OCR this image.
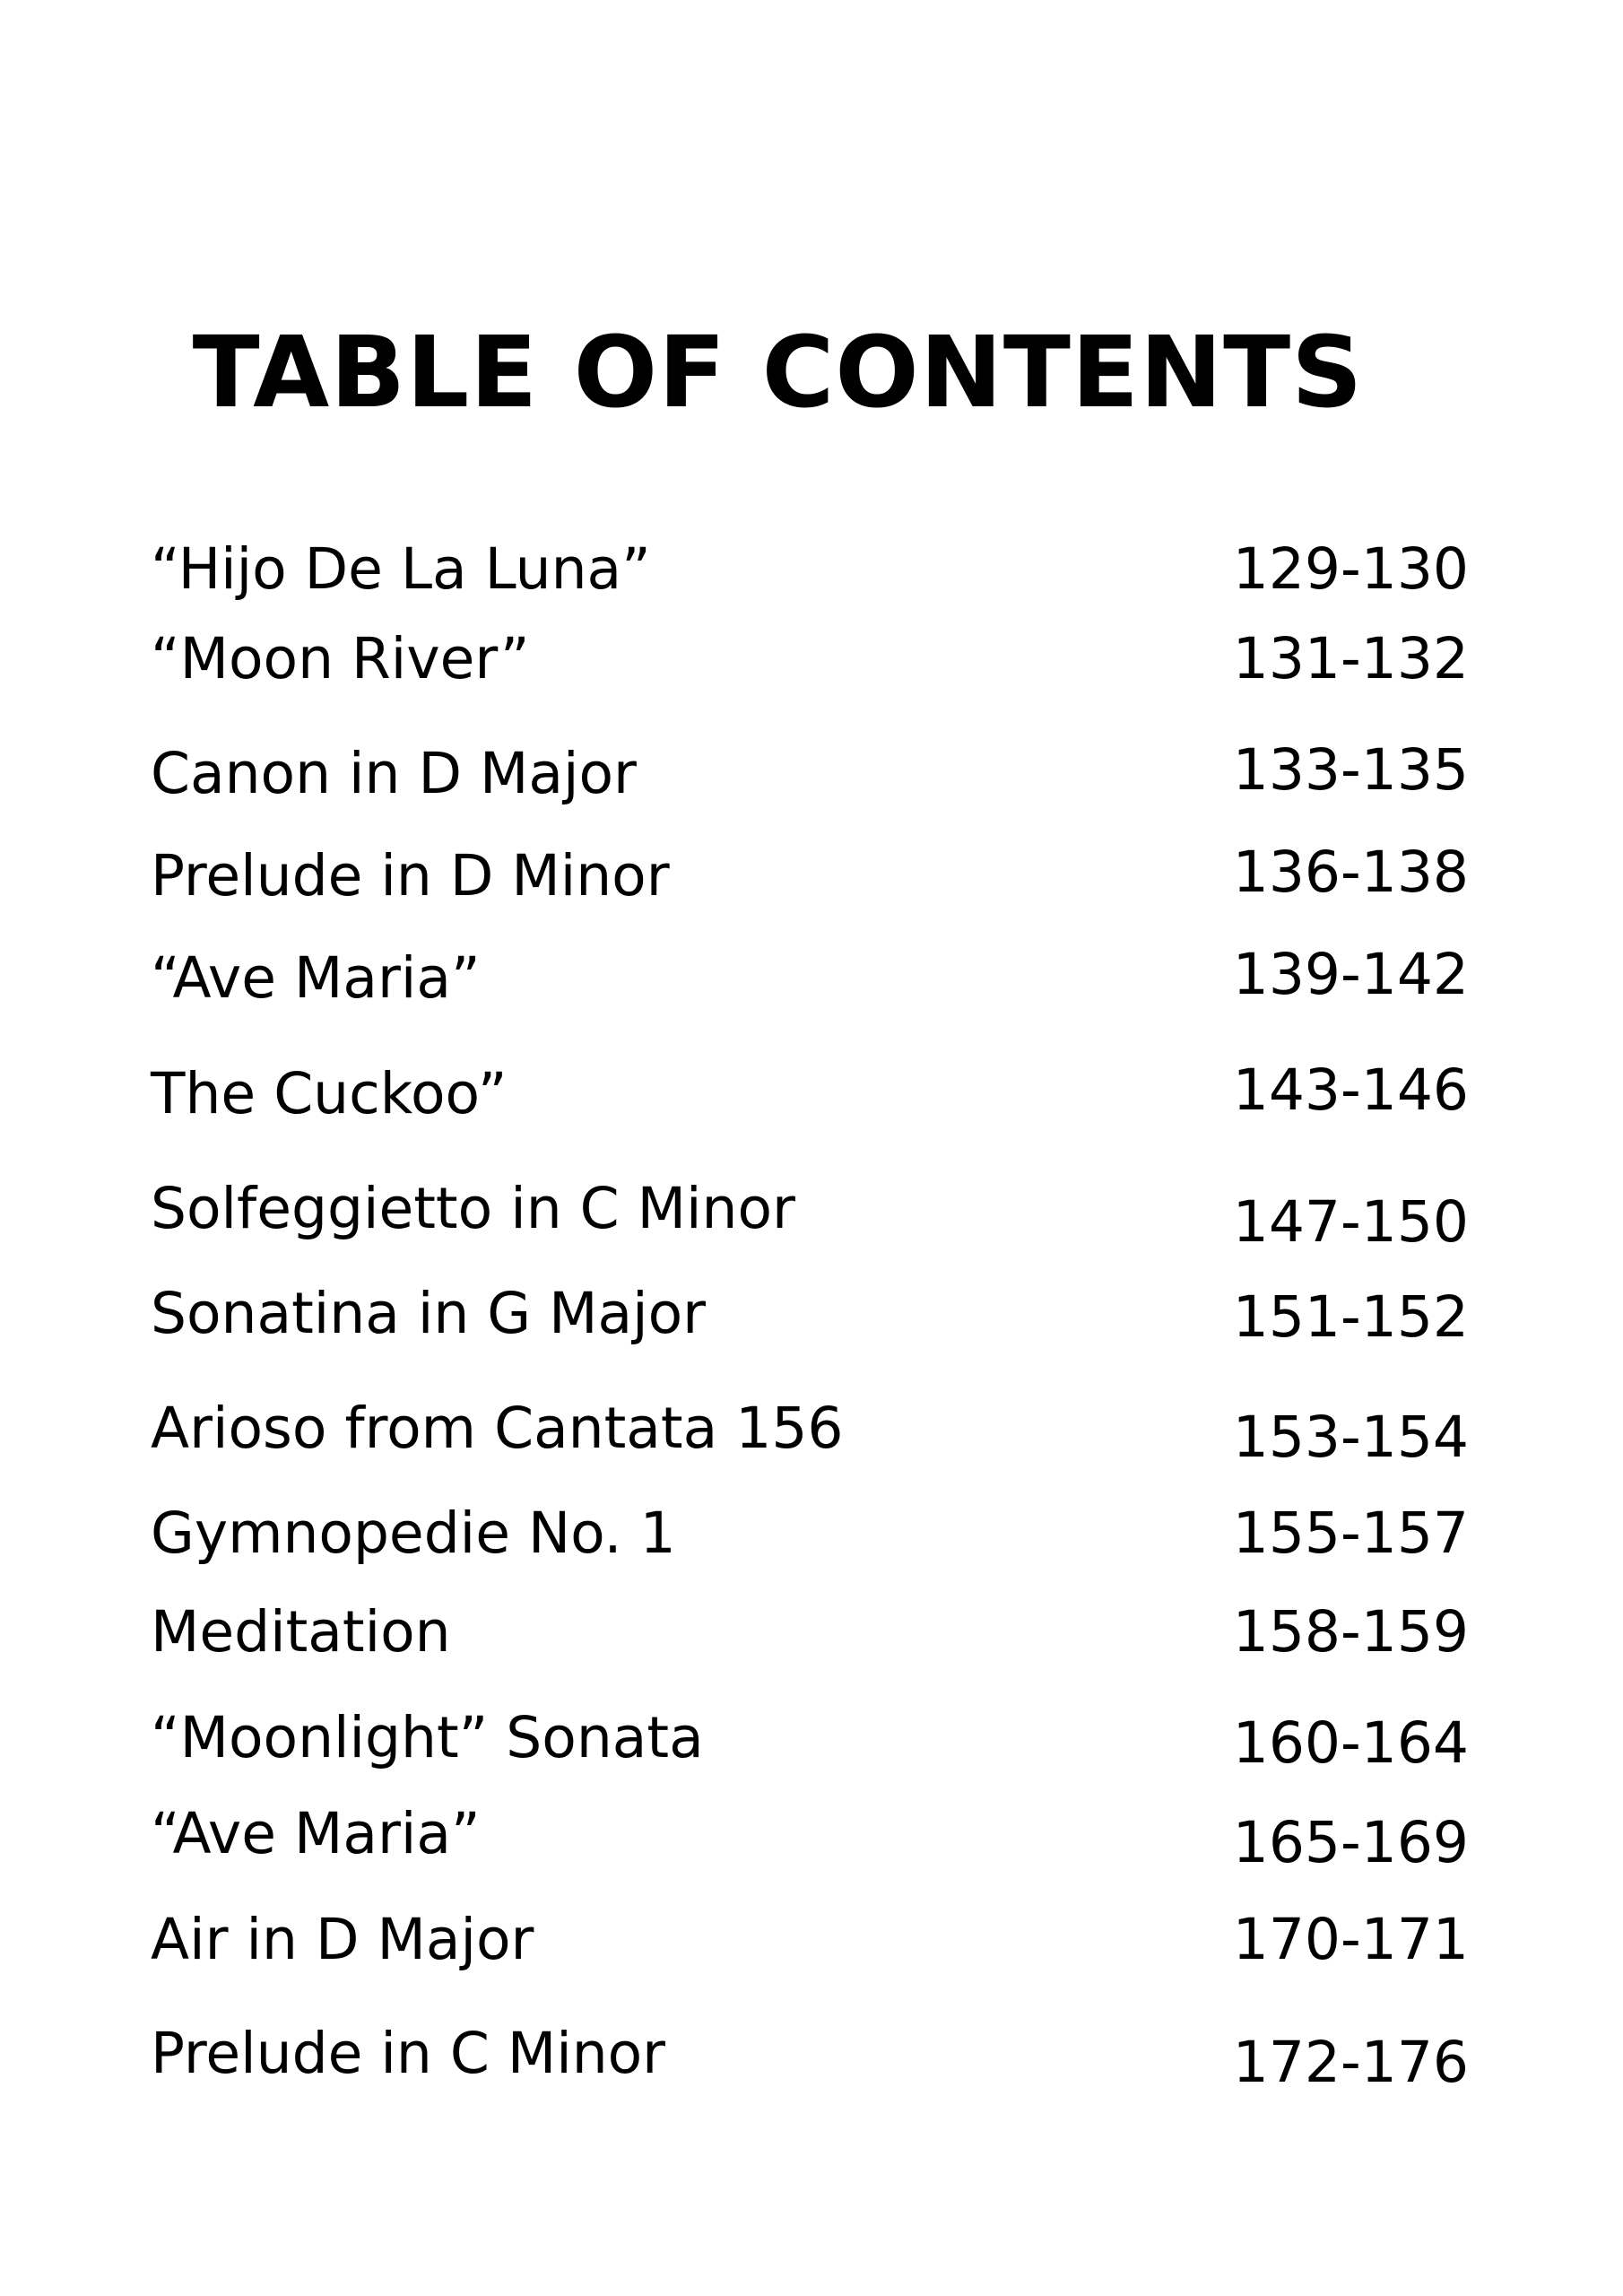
TABLE OF CONTENTS
“Hijo De La Luna”	129-130
“Moon River”	131-132
Canon in D Major	133-135
Prelude in D Minor	136-138
“Ave Maria”	139-142
The Cuckoo”	143-146
Solfeggietto in C Minor	147-150
Sonatina in G Major	151-152
Arioso from Cantata 156	153-154
Gymnopedie No. 1	155-157
Meditation	158-159
“Moonlight” Sonata	160-164
“Ave Maria”	165-169
Air in D Major	170-171
Prelude in C Minor	172-176
